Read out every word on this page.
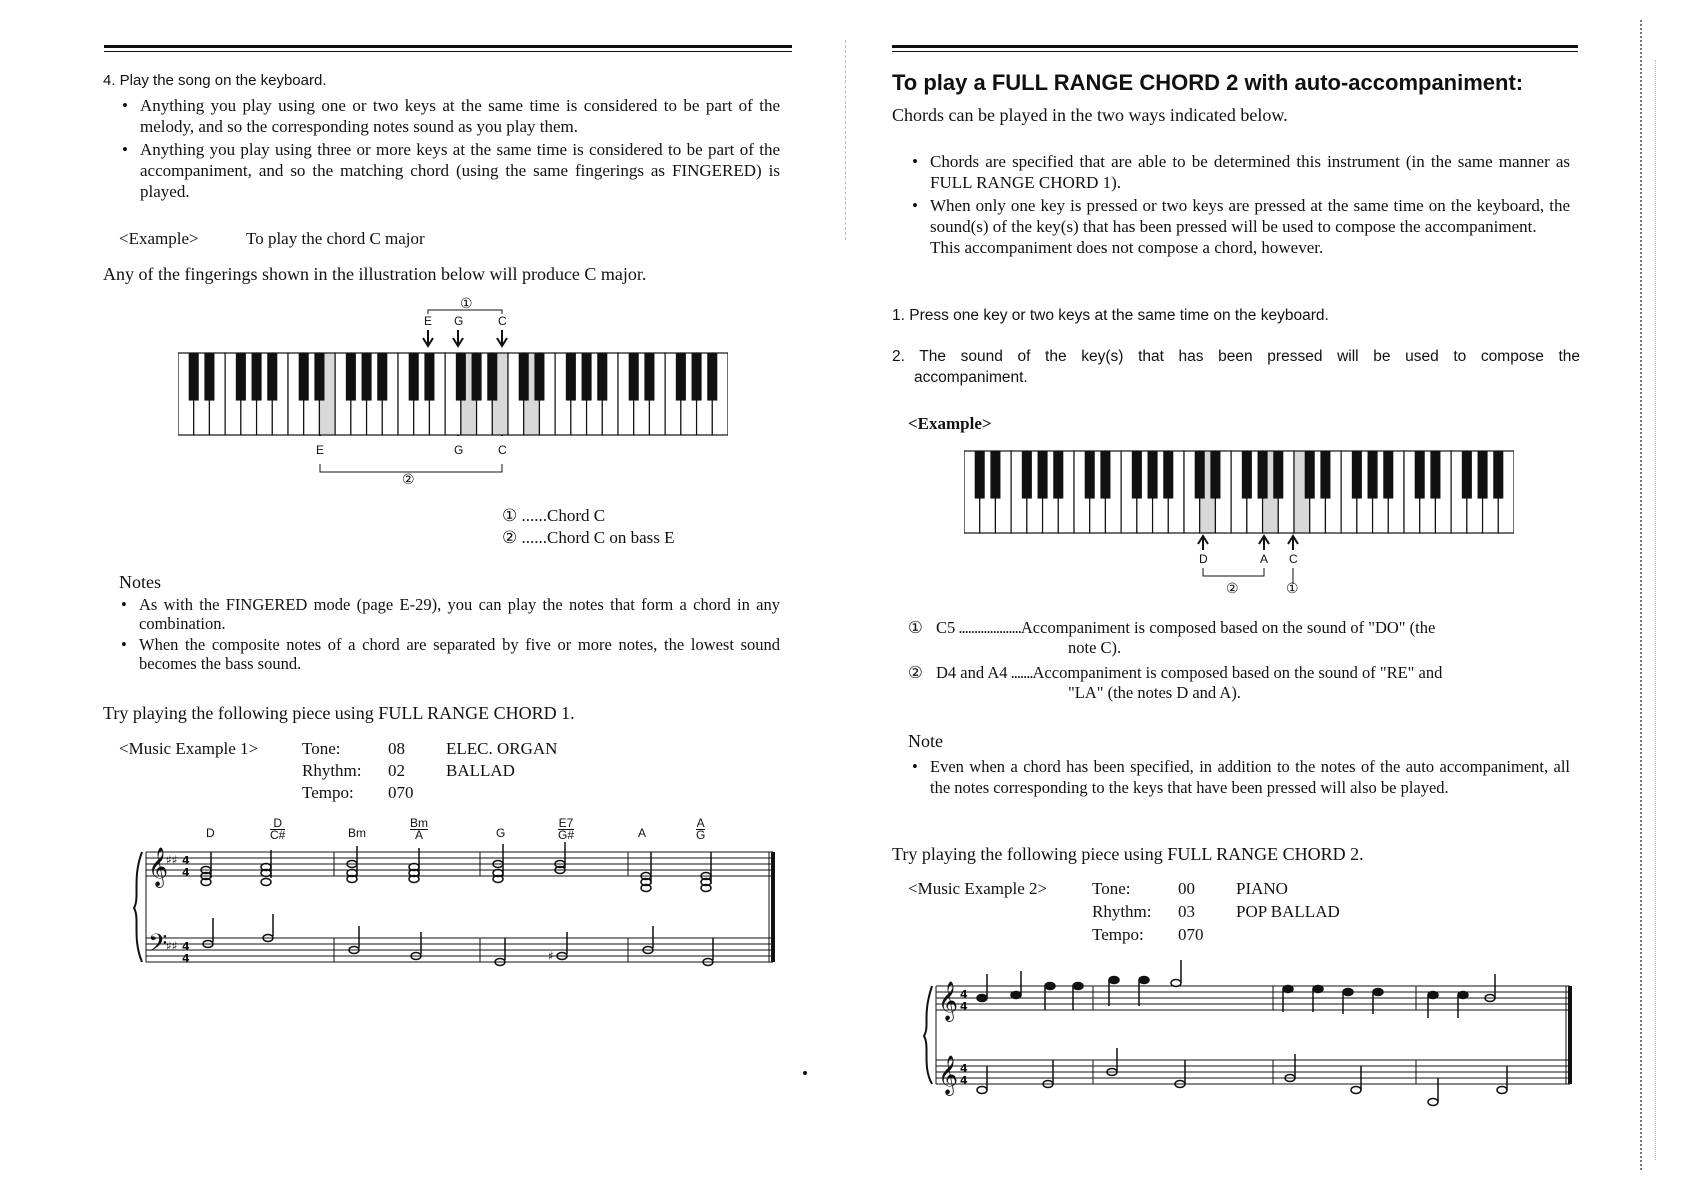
4. Play the song on the keyboard.
• Anything you play using one or two keys at the same time is considered to be part of the melody, and so the corresponding notes sound as you play them.
• Anything you play using three or more keys at the same time is considered to be part of the accompaniment, and so the matching chord (using the same fingerings as FINGERED) is played.
<Example>	To play the chord C major
Any of the fingerings shown in the illustration below will produce C major.
①
E G	C
E	G	C
②
① ......Chord C
② ......Chord C on bass E
Notes
• As with the FINGERED mode (page E-29), you can play the notes that form a chord in any combination.
• When the composite notes of a chord are separated by five or more notes, the lowest sound becomes the bass sound.
Try playing the following piece using FULL RANGE CHORD 1.
<Music Example 1>	Tone:	08 ELEC. ORGAN
Rhythm: 02 BALLAD
Tempo: 070
D
D
C#	Bm
Bm
A	G
E7
G#	A
A
G
𝄞
𝄢
♯♯
♯♯
4
4
4
4	♯
To play a FULL RANGE CHORD 2 with auto-accompaniment:
Chords can be played in the two ways indicated below.
• Chords are specified that are able to be determined this instrument (in the same manner as FULL RANGE CHORD 1).
• When only one key is pressed or two keys are pressed at the same time on the keyboard, the sound(s) of the key(s) that has been pressed will be used to compose the accompaniment.
This accompaniment does not compose a chord, however.
1. Press one key or two keys at the same time on the keyboard.
2. The sound of the key(s) that has been pressed will be used to compose the
accompaniment.
<Example>
D	A C
②	①
① C5 ....................Accompaniment is composed based on the sound of "DO" (the
note C).
② D4 and A4 .......Accompaniment is composed based on the sound of "RE" and
"LA" (the notes D and A).
Note
• Even when a chord has been specified, in addition to the notes of the auto accompaniment, all the notes corresponding to the keys that have been pressed will also be played.
Try playing the following piece using FULL RANGE CHORD 2.
<Music Example 2>	Tone:	00 PIANO
Rhythm: 03 POP BALLAD
Tempo: 070
𝄞
𝄞
4
4
4
4
